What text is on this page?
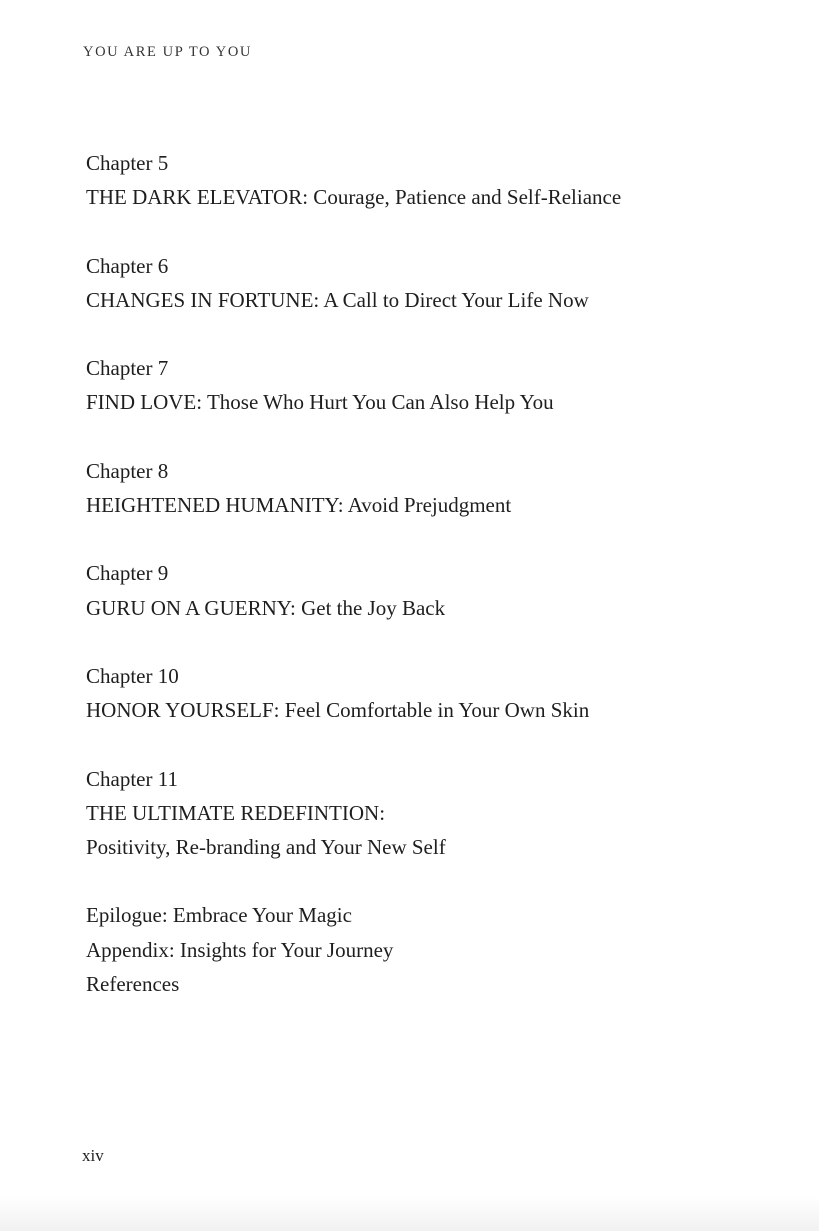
YOU ARE UP TO YOU
Chapter 5
THE DARK ELEVATOR: Courage, Patience and Self-Reliance
Chapter 6
CHANGES IN FORTUNE: A Call to Direct Your Life Now
Chapter 7
FIND LOVE: Those Who Hurt You Can Also Help You
Chapter 8
HEIGHTENED HUMANITY: Avoid Prejudgment
Chapter 9
GURU ON A GUERNY: Get the Joy Back
Chapter 10
HONOR YOURSELF: Feel Comfortable in Your Own Skin
Chapter 11
THE ULTIMATE REDEFINTION:
Positivity, Re-branding and Your New Self
Epilogue: Embrace Your Magic
Appendix: Insights for Your Journey
References
xiv
